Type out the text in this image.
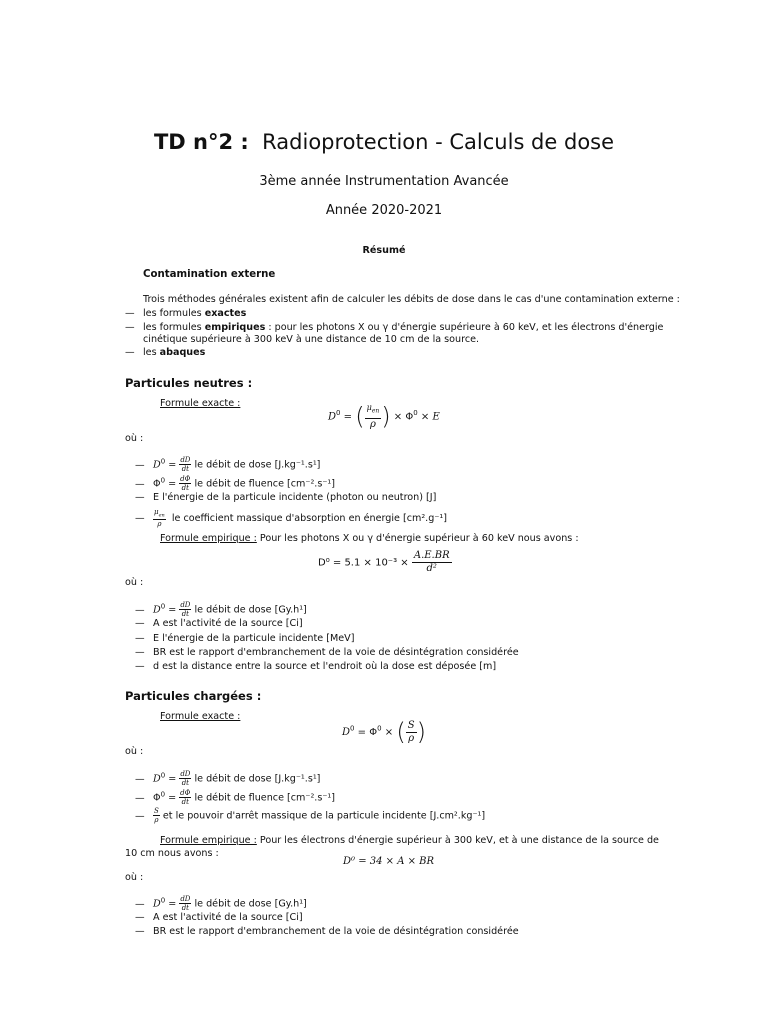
TD n°2 : Radioprotection - Calculs de dose
3ème année Instrumentation Avancée
Année 2020-2021
Résumé
Contamination externe
Trois méthodes générales existent afin de calculer les débits de dose dans le cas d'une contamination externe :
— les formules exactes
— les formules empiriques : pour les photons X ou γ d'énergie supérieure à 60 keV, et les électrons d'énergie
cinétique supérieure à 300 keV à une distance de 10 cm de la source.
— les abaques
Particules neutres :
Formule exacte :
$D^0$ = ( $\frac{\mu_{en}}{\rho}$ ) × $\Phi^0 \times E$
où :
— $D^0 = \frac{dD}{dt}$ le débit de dose [J.kg⁻¹.s¹]
— $\Phi^0 = \frac{d\Phi}{dt}$ le débit de fluence [cm⁻².s⁻¹]
— E l'énergie de la particule incidente (photon ou neutron) [J]
— $\frac{\mu_{en}}{\rho}$ le coefficient massique d'absorption en énergie [cm².g⁻¹]
Formule empirique : Pour les photons X ou γ d'énergie supérieur à 60 keV nous avons :
$D^0 = 5.1 \times 10^{-3} \times \frac{A.E.BR}{\text{d²}}$
où :
— $D^0 = \frac{dD}{dt}$ le débit de dose [Gy.h¹]
— A est l'activité de la source [Ci]
— E l'énergie de la particule incidente [MeV]
— BR est le rapport d'embranchement de la voie de désintégration considérée
— d est la distance entre la source et l'endroit où la dose est déposée [m]
Particules chargées :
Formule exacte :
$D^0 = \Phi^0$ × ( $\frac{S}{\rho}$ )
où :
— $D^0 = \frac{dD}{dt}$ le débit de dose [J.kg⁻¹.s¹]
— $\Phi^0 = \frac{d\Phi}{dt}$ le débit de fluence [cm⁻².s⁻¹]
— $\frac{S}{\rho}$ et le pouvoir d'arrêt massique de la particule incidente [J.cm².kg⁻¹]
Formule empirique : Pour les électrons d'énergie supérieur à 300 keV, et à une distance de la source de
10 cm nous avons :
D⁰ = 34 × A × BR
où :
— $D^0 = \frac{dD}{dt}$ le débit de dose [Gy.h¹]
— A est l'activité de la source [Ci]
— BR est le rapport d'embranchement de la voie de désintégration considérée
